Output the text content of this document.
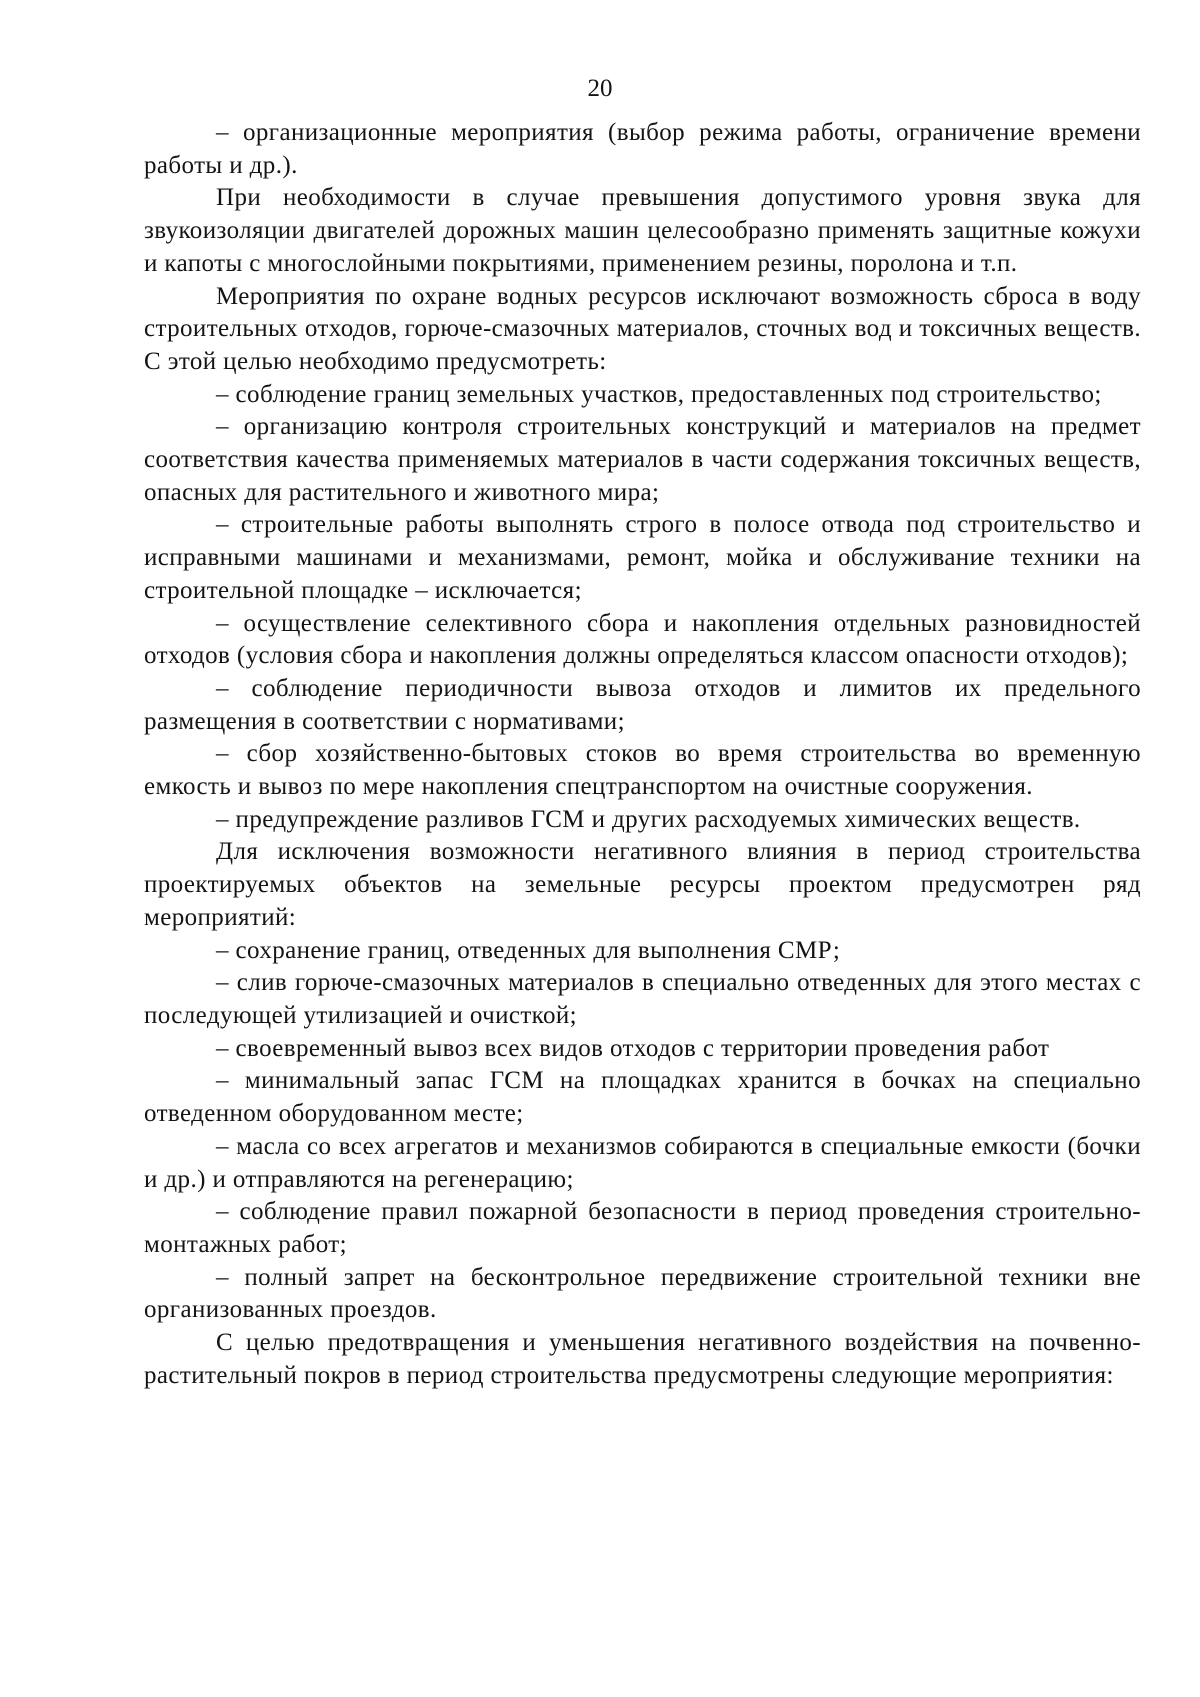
20

– организационные мероприятия (выбор режима работы, ограничение времени работы и др.).

При необходимости в случае превышения допустимого уровня звука для звукоизоляции двигателей дорожных машин целесообразно применять защитные кожухи и капоты с многослойными покрытиями, применением резины, поролона и т.п.

Мероприятия по охране водных ресурсов исключают возможность сброса в воду строительных отходов, горюче-смазочных материалов, сточных вод и токсичных веществ. С этой целью необходимо предусмотреть:

– соблюдение границ земельных участков, предоставленных под строительство;

– организацию контроля строительных конструкций и материалов на предмет соответствия качества применяемых материалов в части содержания токсичных веществ, опасных для растительного и животного мира;

– строительные работы выполнять строго в полосе отвода под строительство и исправными машинами и механизмами, ремонт, мойка и обслуживание техники на строительной площадке – исключается;

– осуществление селективного сбора и накопления отдельных разновидностей отходов (условия сбора и накопления должны определяться классом опасности отходов);

– соблюдение периодичности вывоза отходов и лимитов их предельного размещения в соответствии с нормативами;

– сбор хозяйственно-бытовых стоков во время строительства во временную емкость и вывоз по мере накопления спецтранспортом на очистные сооружения.

– предупреждение разливов ГСМ и других расходуемых химических веществ.

Для исключения возможности негативного влияния в период строительства проектируемых объектов на земельные ресурсы проектом предусмотрен ряд мероприятий:

– сохранение границ, отведенных для выполнения СМР;

– слив горюче-смазочных материалов в специально отведенных для этого местах с последующей утилизацией и очисткой;

– своевременный вывоз всех видов отходов с территории проведения работ

– минимальный запас ГСМ на площадках хранится в бочках на специально отведенном оборудованном месте;

– масла со всех агрегатов и механизмов собираются в специальные емкости (бочки и др.) и отправляются на регенерацию;

– соблюдение правил пожарной безопасности в период проведения строительно-монтажных работ;

– полный запрет на бесконтрольное передвижение строительной техники вне организованных проездов.

С целью предотвращения и уменьшения негативного воздействия на почвенно-растительный покров в период строительства предусмотрены следующие мероприятия:
